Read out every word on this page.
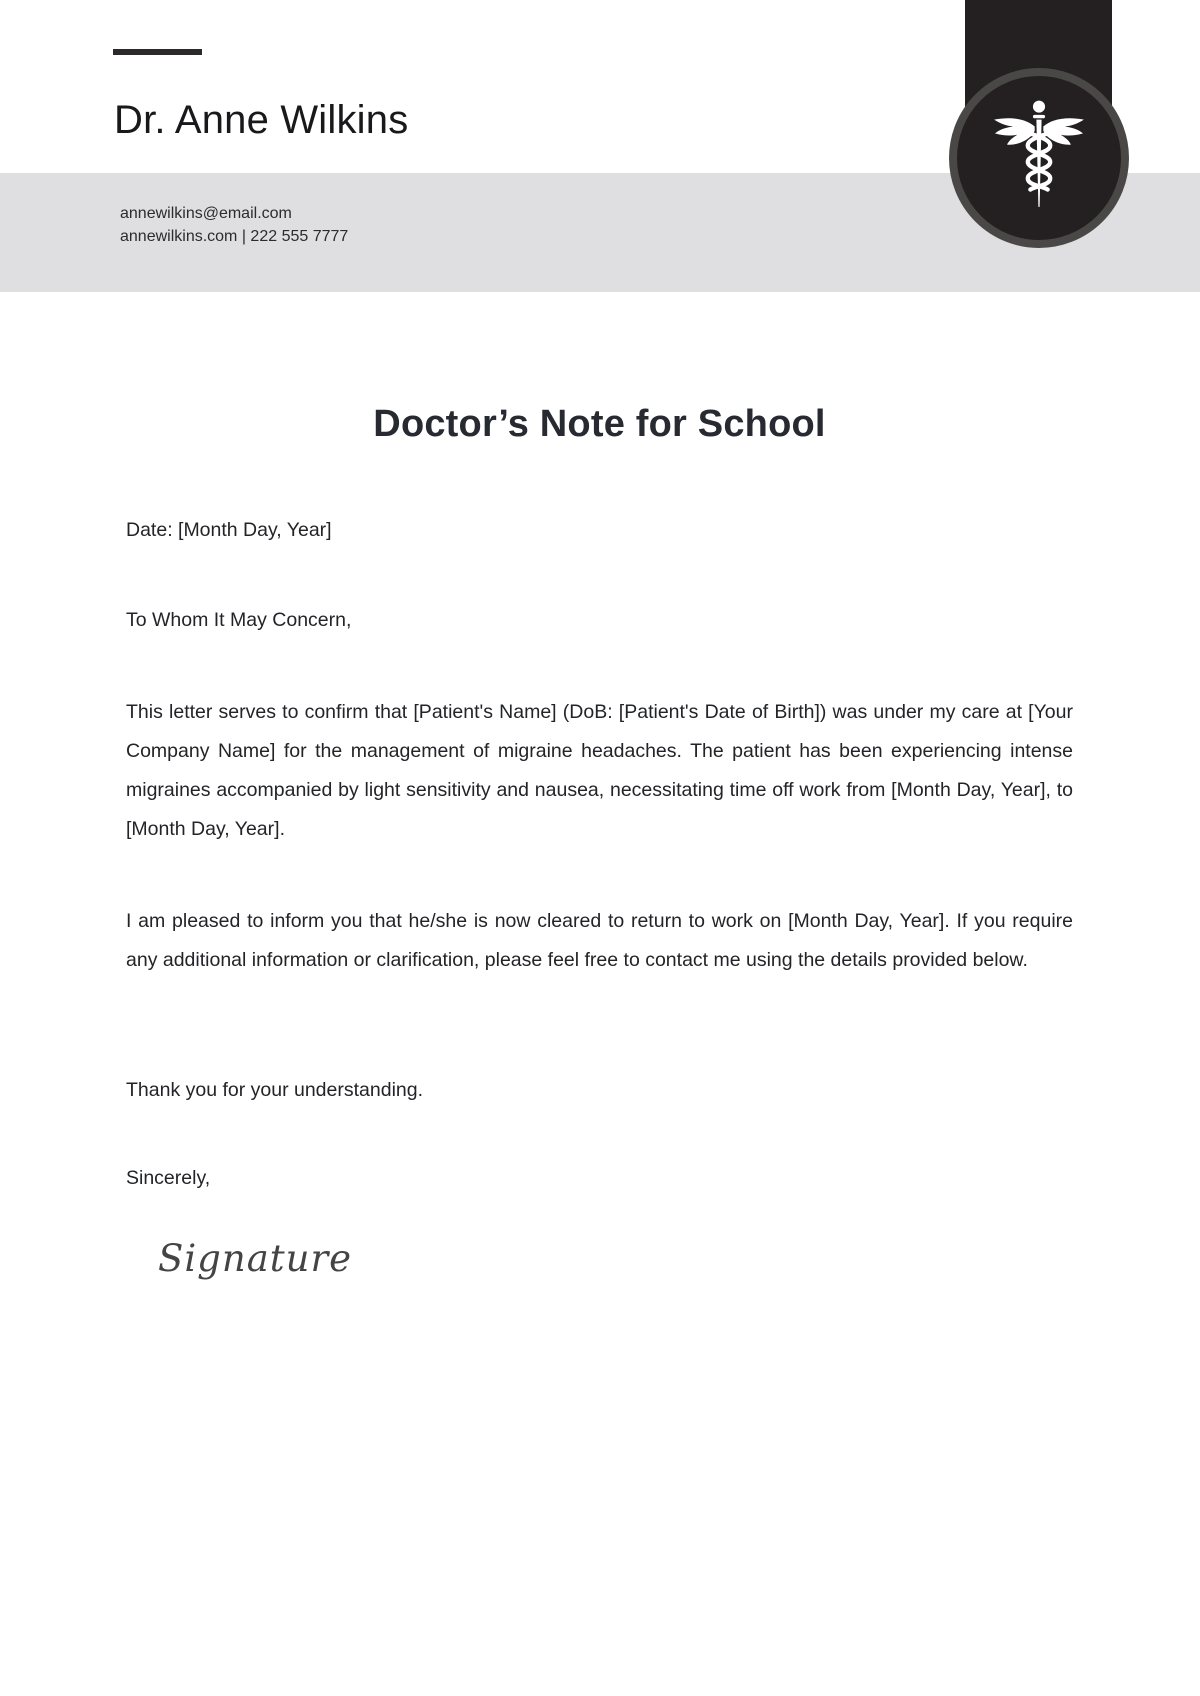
Dr. Anne Wilkins
annewilkins@email.com
annewilkins.com | 222 555 7777
Doctor’s Note for School
Date: [Month Day, Year]
To Whom It May Concern,
This letter serves to confirm that [Patient's Name] (DoB: [Patient's Date of Birth]) was under my care at [Your Company Name] for the management of migraine headaches. The patient has been experiencing intense migraines accompanied by light sensitivity and nausea, necessitating time off work from [Month Day, Year], to [Month Day, Year].
I am pleased to inform you that he/she is now cleared to return to work on [Month Day, Year]. If you require any additional information or clarification, please feel free to contact me using the details provided below.
Thank you for your understanding.
Sincerely,
Signature
